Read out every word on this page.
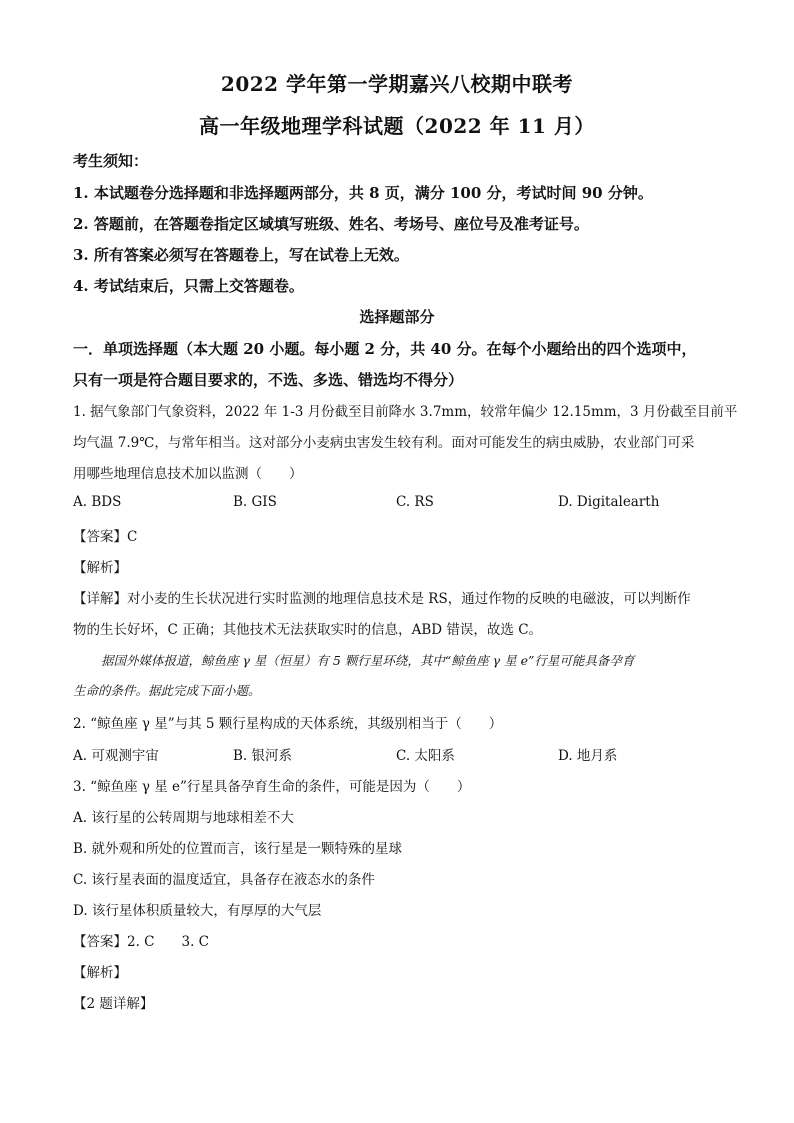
2022 学年第一学期嘉兴八校期中联考
高一年级地理学科试题（2022 年 11 月）
考生须知：
1. 本试题卷分选择题和非选择题两部分，共 8 页，满分 100 分，考试时间 90 分钟。
2. 答题前，在答题卷指定区域填写班级、姓名、考场号、座位号及准考证号。
3. 所有答案必须写在答题卷上，写在试卷上无效。
4. 考试结束后，只需上交答题卷。
选择题部分
一．单项选择题（本大题 20 小题。每小题 2 分，共 40 分。在每个小题给出的四个选项中，
只有一项是符合题目要求的，不选、多选、错选均不得分）
1. 据气象部门气象资料，2022 年 1-3 月份截至目前降水 3.7mm，较常年偏少 12.15mm，3 月份截至目前平
均气温 7.9℃，与常年相当。这对部分小麦病虫害发生较有利。面对可能发生的病虫威胁，农业部门可采
用哪些地理信息技术加以监测（　　）
A. BDS	B. GIS	C. RS	D. Digitalearth
【答案】C
【解析】
【详解】对小麦的生长状况进行实时监测的地理信息技术是 RS，通过作物的反映的电磁波，可以判断作
物的生长好坏，C 正确；其他技术无法获取实时的信息，ABD 错误，故选 C。
据国外媒体报道，鲸鱼座 γ 星（恒星）有 5 颗行星环绕，其中“鲸鱼座 γ 星 e”行星可能具备孕育
生命的条件。据此完成下面小题。
2. “鲸鱼座 γ 星”与其 5 颗行星构成的天体系统，其级别相当于（　　）
A. 可观测宇宙	B. 银河系	C. 太阳系	D. 地月系
3. “鲸鱼座 γ 星 e”行星具备孕育生命的条件，可能是因为（　　）
A. 该行星的公转周期与地球相差不大
B. 就外观和所处的位置而言，该行星是一颗特殊的星球
C. 该行星表面的温度适宜，具备存在液态水的条件
D. 该行星体积质量较大，有厚厚的大气层
【答案】2. C　　3. C
【解析】
【2 题详解】
